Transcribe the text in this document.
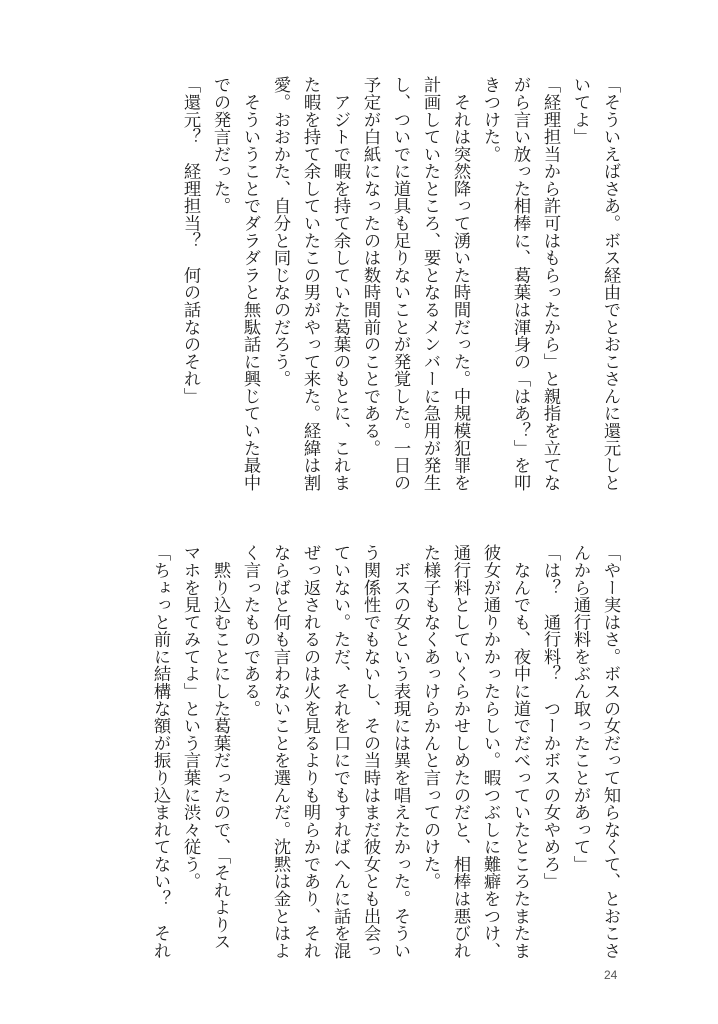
「そういえばさあ。ボス経由でとおこさんに還元しと
いてよ」
「経理担当から許可はもらったから」と親指を立てな
がら言い放った相棒に、葛葉は渾身の「はあ？」を叩
きつけた。
　それは突然降って湧いた時間だった。中規模犯罪を
計画していたところ、要となるメンバーに急用が発生
し、ついでに道具も足りないことが発覚した。一日の
予定が白紙になったのは数時間前のことである。
　アジトで暇を持て余していた葛葉のもとに、これま
た暇を持て余していたこの男がやって来た。経緯は割
愛。おおかた、自分と同じなのだろう。
　そういうことでダラダラと無駄話に興じていた最中
での発言だった。
「還元？　経理担当？　何の話なのそれ」
「やー実はさ。ボスの女だって知らなくて、とおこさ
んから通行料をぶん取ったことがあって」
「は？　通行料？　つーかボスの女やめろ」
　なんでも、夜中に道でだべっていたところたまたま
彼女が通りかかったらしい。暇つぶしに難癖をつけ、
通行料としていくらかせしめたのだと、相棒は悪びれ
た様子もなくあっけらかんと言ってのけた。
　ボスの女という表現には異を唱えたかった。そうい
う関係性でもないし、その当時はまだ彼女とも出会っ
ていない。ただ、それを口にでもすればへんに話を混
ぜっ返されるのは火を見るよりも明らかであり、それ
ならばと何も言わないことを選んだ。沈黙は金とはよ
く言ったものである。
　黙り込むことにした葛葉だったので、「それよりス
マホを見てみてよ」という言葉に渋々従う。
「ちょっと前に結構な額が振り込まれてない？　それ
24
